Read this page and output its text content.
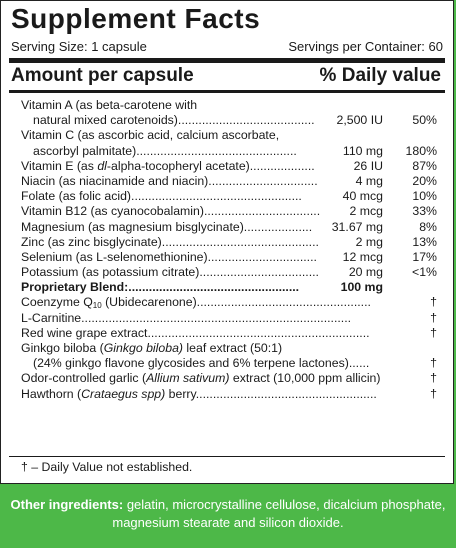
Supplement Facts
Serving Size: 1 capsule	Servings per Container: 60
Amount per capsule	% Daily value
Vitamin A (as beta-carotene with
natural mixed carotenoids)........................................ 2,500 IU 50%
Vitamin C (as ascorbic acid, calcium ascorbate,
ascorbyl palmitate)...............................................	110 mg 180%
Vitamin E (as dl-alpha-tocopheryl acetate)...................	26 IU 87%
Niacin (as niacinamide and niacin)................................	4 mg 20%
Folate (as folic acid)..................................................	40 mcg 10%
Vitamin B12 (as cyanocobalamin).................................. 2 mcg 33%
Magnesium (as magnesium bisglycinate).................... 31.67 mg	8%
Zinc (as zinc bisglycinate)..............................................	2 mg 13%
Selenium (as L-selenomethionine)................................ 12 mcg 17%
Potassium (as potassium citrate)................................... 20 mg <1%
Proprietary Blend:..................................................	100 mg
Coenzyme $Q_{10}$ (Ubidecarenone)...................................................	†
L-Carnitine...............................................................................	†
Red wine grape extract.................................................................	†
Ginkgo biloba (Ginkgo biloba) leaf extract (50:1)
(24% ginkgo flavone glycosides and 6% terpene lactones)......	†
Odor-controlled garlic (Allium sativum) extract (10,000 ppm allicin)	†
Hawthorn (Crataegus spp) berry.....................................................	†
† – Daily Value not established.
Other ingredients: gelatin, microcrystalline cellulose, dicalcium phosphate,
magnesium stearate and silicon dioxide.
